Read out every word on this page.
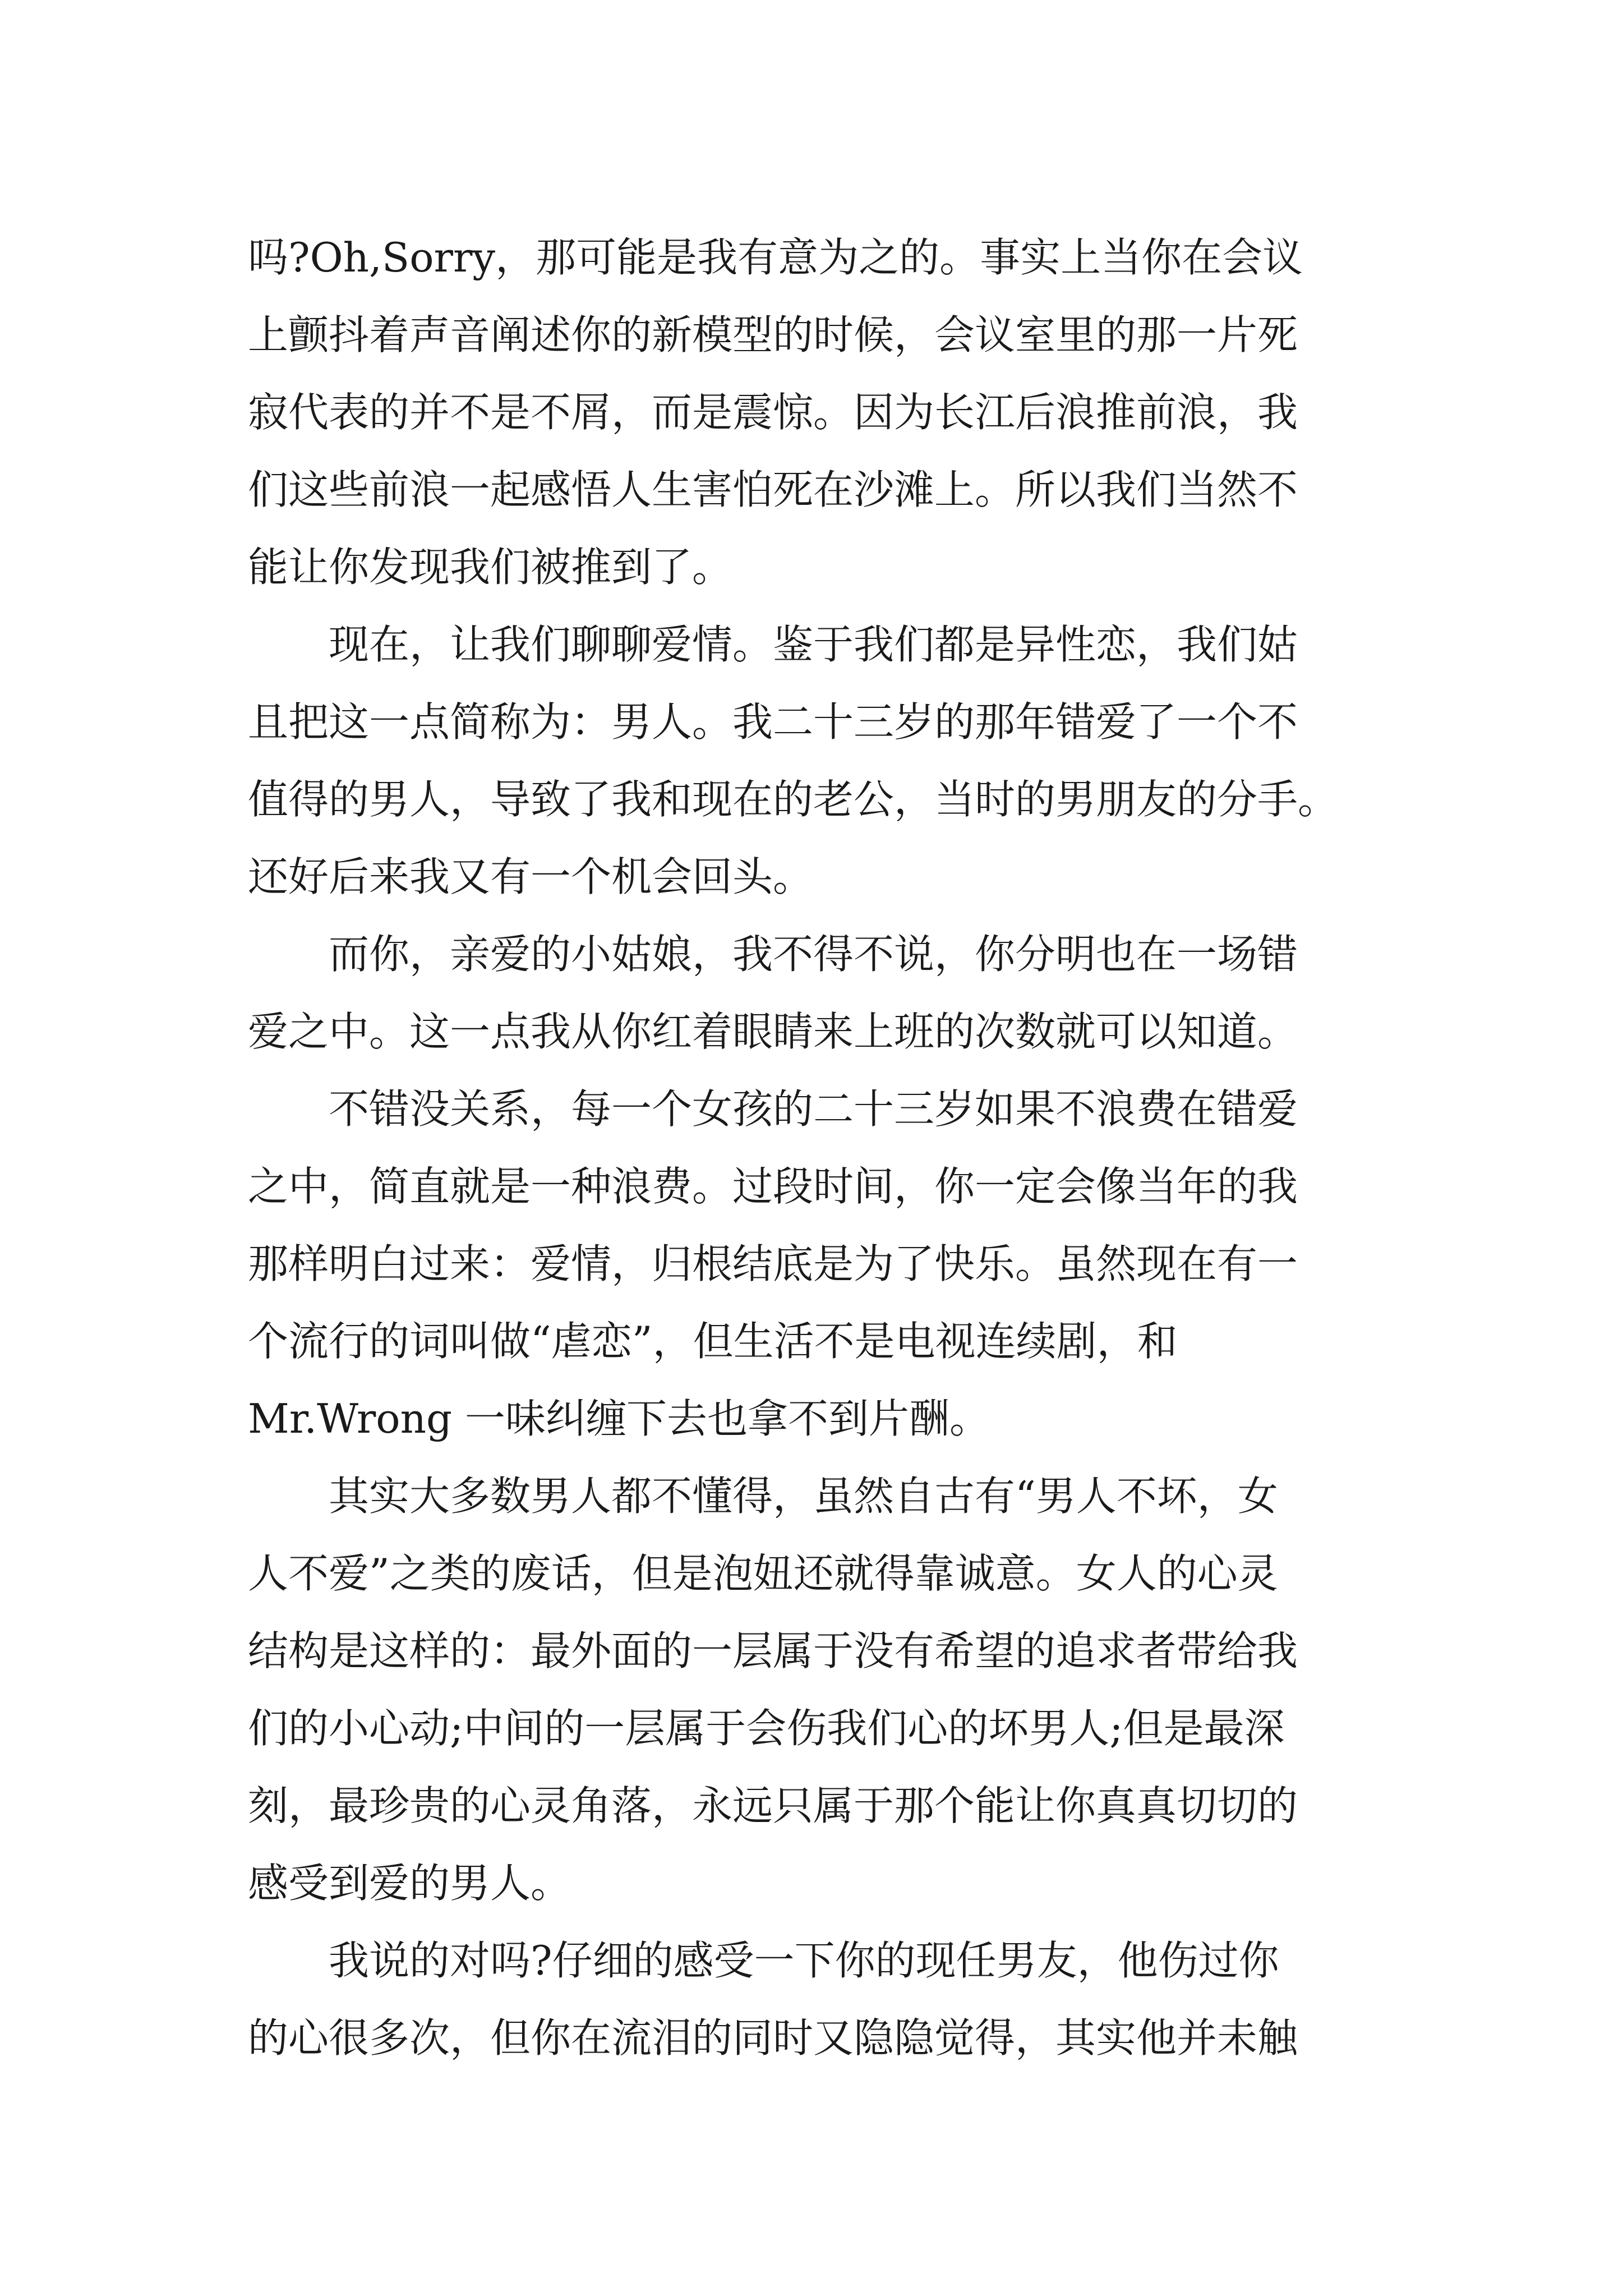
吗?Oh,Sorry，那可能是我有意为之的。事实上当你在会议
上颤抖着声音阐述你的新模型的时候，会议室里的那一片死
寂代表的并不是不屑，而是震惊。因为长江后浪推前浪，我
们这些前浪一起感悟人生害怕死在沙滩上。所以我们当然不
能让你发现我们被推到了。
　　现在，让我们聊聊爱情。鉴于我们都是异性恋，我们姑
且把这一点简称为：男人。我二十三岁的那年错爱了一个不
值得的男人，导致了我和现在的老公，当时的男朋友的分手。
还好后来我又有一个机会回头。
　　而你，亲爱的小姑娘，我不得不说，你分明也在一场错
爱之中。这一点我从你红着眼睛来上班的次数就可以知道。
　　不错没关系，每一个女孩的二十三岁如果不浪费在错爱
之中，简直就是一种浪费。过段时间，你一定会像当年的我
那样明白过来：爱情，归根结底是为了快乐。虽然现在有一
个流行的词叫做“虐恋”，但生活不是电视连续剧，和
Mr.Wrong 一味纠缠下去也拿不到片酬。
　　其实大多数男人都不懂得，虽然自古有“男人不坏，女
人不爱”之类的废话，但是泡妞还就得靠诚意。女人的心灵
结构是这样的：最外面的一层属于没有希望的追求者带给我
们的小心动;中间的一层属于会伤我们心的坏男人;但是最深
刻，最珍贵的心灵角落，永远只属于那个能让你真真切切的
感受到爱的男人。
　　我说的对吗?仔细的感受一下你的现任男友，他伤过你
的心很多次，但你在流泪的同时又隐隐觉得，其实他并未触
